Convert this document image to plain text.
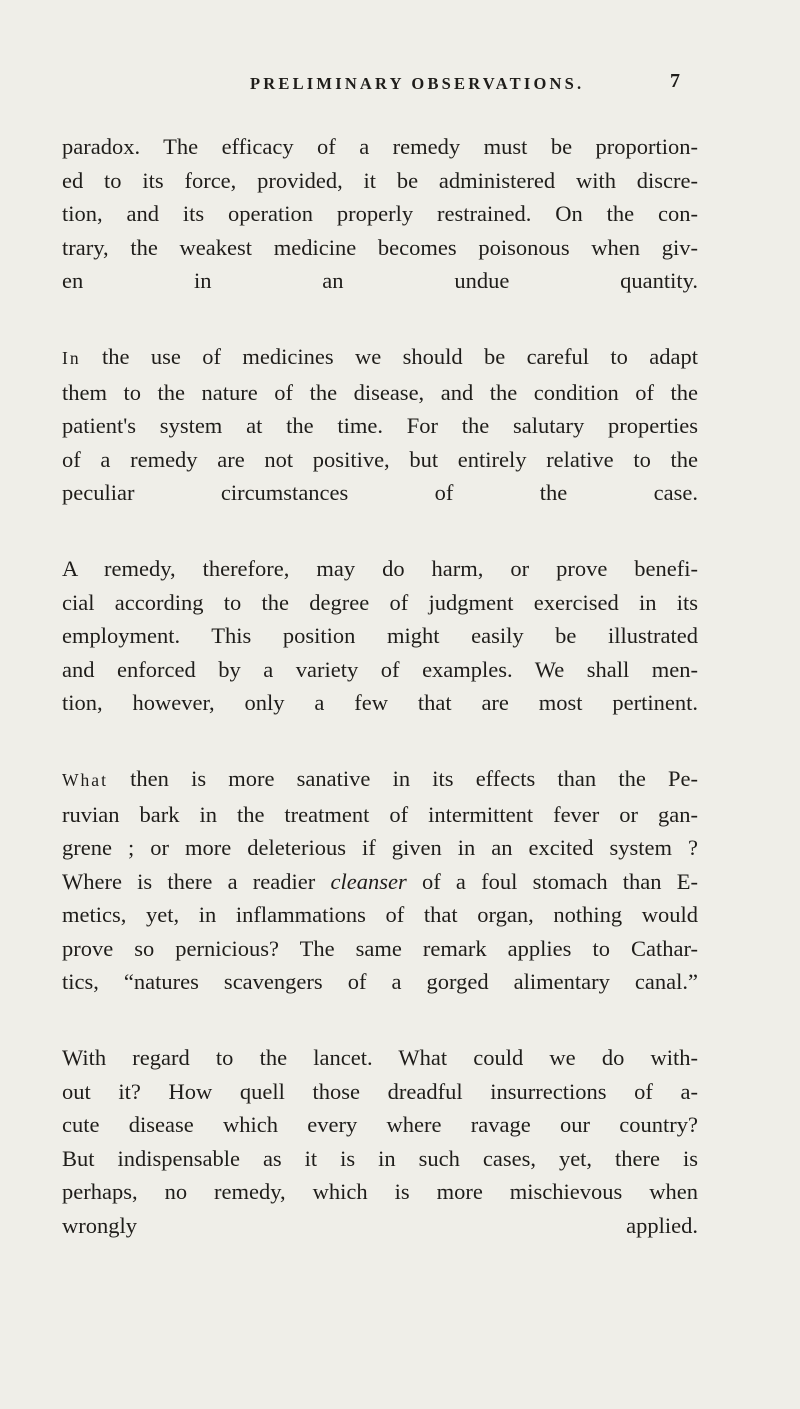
PRELIMINARY OBSERVATIONS.	7

paradox. The efficacy of a remedy must be proportion-
ed to its force, provided, it be administered with discre-
tion, and its operation properly restrained. On the con-
trary, the weakest medicine becomes poisonous when giv-
en in an undue quantity.

In the use of medicines we should be careful to adapt
them to the nature of the disease, and the condition of the
patient's system at the time. For the salutary properties
of a remedy are not positive, but entirely relative to the
peculiar circumstances of the case.

A remedy, therefore, may do harm, or prove benefi-
cial according to the degree of judgment exercised in its
employment. This position might easily be illustrated
and enforced by a variety of examples. We shall men-
tion, however, only a few that are most pertinent.

What then is more sanative in its effects than the Pe-
ruvian bark in the treatment of intermittent fever or gan-
grene ; or more deleterious if given in an excited system ?
Where is there a readier cleanser of a foul stomach than E-
metics, yet, in inflammations of that organ, nothing would
prove so pernicious? The same remark applies to Cathar-
tics, “natures scavengers of a gorged alimentary canal.”

With regard to the lancet. What could we do with-
out it? How quell those dreadful insurrections of a-
cute disease which every where ravage our country?
But indispensable as it is in such cases, yet, there is
perhaps, no remedy, which is more mischievous when
wrongly applied.
